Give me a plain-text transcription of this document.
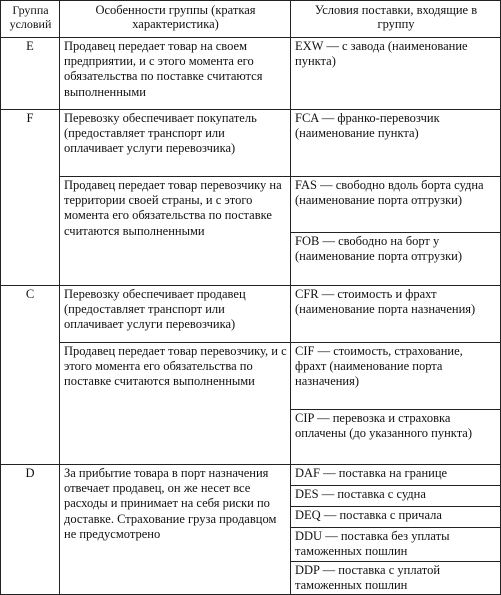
Группа условий	Особенности группы (краткая характеристика)	Условия поставки, входящие в группу
E	Продавец передает товар на своем предприятии, и с этого момента его обязательства по поставке считаются выполненными	EXW — с завода (наименование пункта)
F	Перевозку обеспечивает покупатель (предоставляет транспорт или оплачивает услуги перевозчика)	FCA — франко-перевозчик (наименование пункта)
	Продавец передает товар перевозчику на территории своей страны, и с этого момента его обязательства по поставке считаются выполненными	FAS — свободно вдоль борта судна (наименование порта отгрузки)
		FOB — свободно на борт у (наименование порта отгрузки)
C	Перевозку обеспечивает продавец (предоставляет транспорт или оплачивает услуги перевозчика)	CFR — стоимость и фрахт (наименование порта назначения)
	Продавец передает товар перевозчику, и с этого момента его обязательства по поставке считаются выполненными	CIF — стоимость, страхование, фрахт (наименование порта назначения)
		CIP — перевозка и страховка оплачены (до указанного пункта)
D	За прибытие товара в порт назначения отвечает продавец, он же несет все расходы и принимает на себя риски по доставке. Страхование груза продавцом не предусмотрено	DAF — поставка на границе
		DES — поставка с судна
		DEQ — поставка с причала
		DDU — поставка без уплаты таможенных пошлин
		DDP — поставка с уплатой таможенных пошлин
